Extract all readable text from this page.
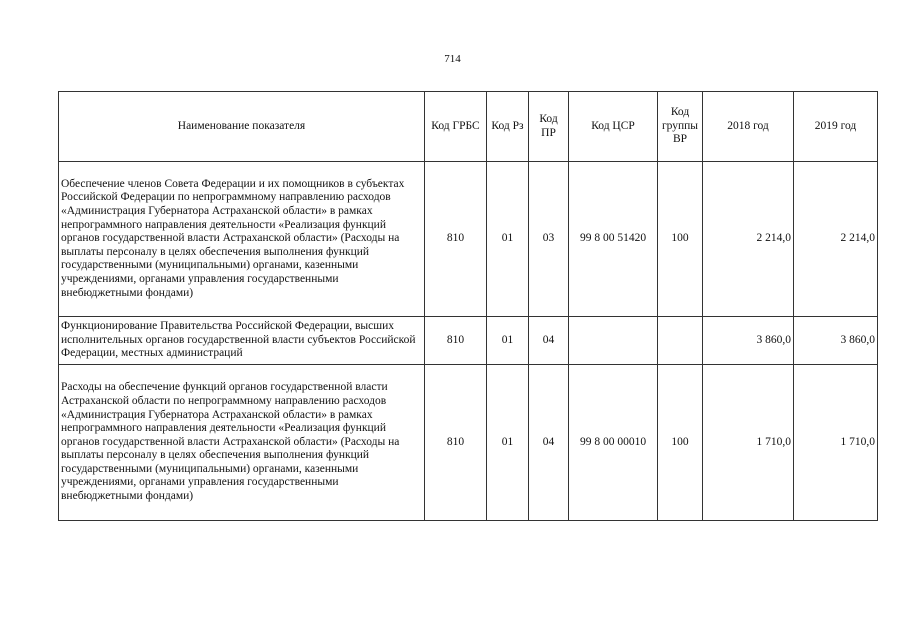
714
Наименование показателя	Код ГРБС	Код Рз	Код ПР	Код ЦСР	Код группы ВР	2018 год	2019 год
Обеспечение членов Совета Федерации и их помощников в субъектах Российской Федерации по непрограммному направлению расходов «Администрация Губернатора Астраханской области» в рамках непрограммного направления деятельности «Реализация функций органов государственной власти Астраханской области» (Расходы на выплаты персоналу в целях обеспечения выполнения функций государственными (муниципальными) органами, казенными учреждениями, органами управления государственными внебюджетными фондами)	810	01	03	99 8 00 51420	100	2 214,0	2 214,0
Функционирование Правительства Российской Федерации, высших исполнительных органов государственной власти субъектов Российской Федерации, местных администраций	810	01	04			3 860,0	3 860,0
Расходы на обеспечение функций органов государственной власти Астраханской области по непрограммному направлению расходов «Администрация Губернатора Астраханской области» в рамках непрограммного направления деятельности «Реализация функций органов государственной власти Астраханской области» (Расходы на выплаты персоналу в целях обеспечения выполнения функций государственными (муниципальными) органами, казенными учреждениями, органами управления государственными внебюджетными фондами)	810	01	04	99 8 00 00010	100	1 710,0	1 710,0
